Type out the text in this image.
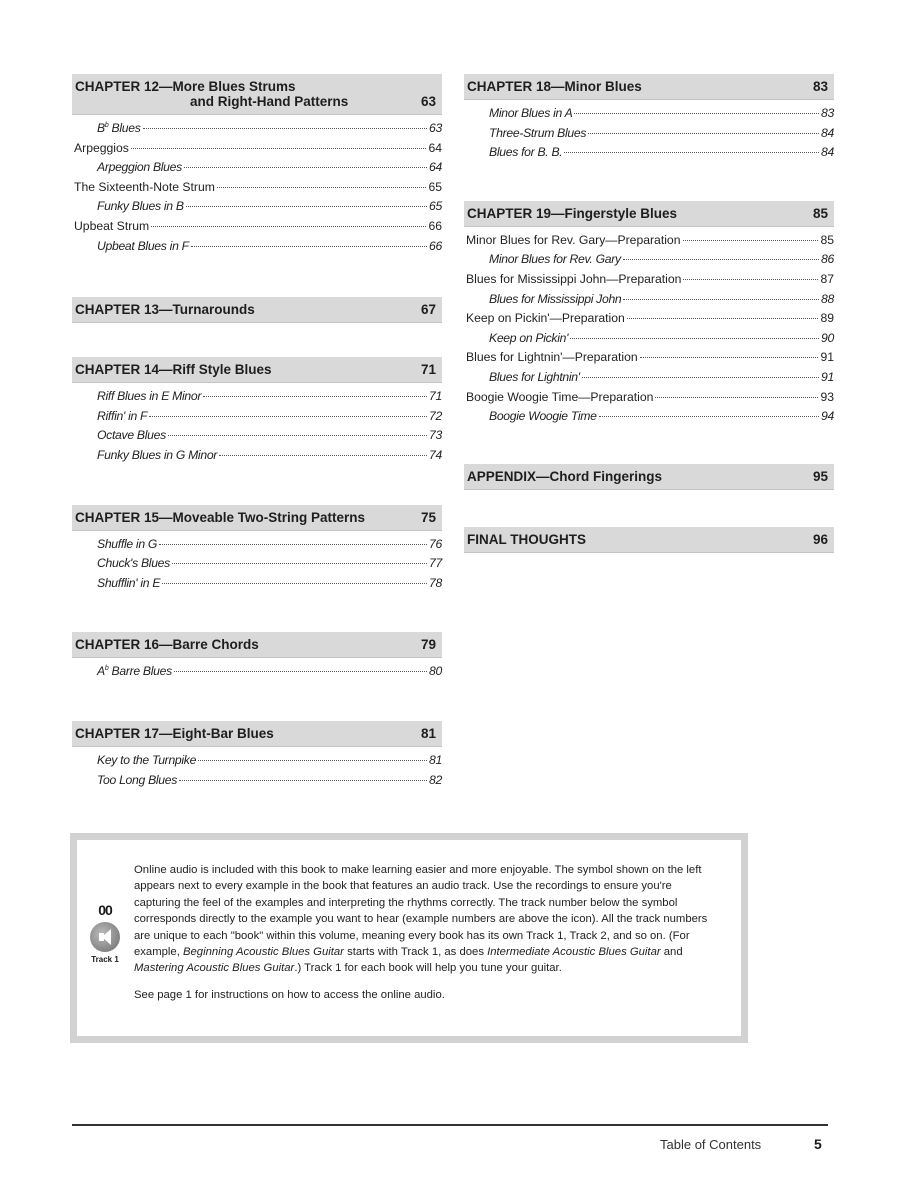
CHAPTER 12—More Blues Strums
and Right-Hand Patterns	63
$B^b$ Blues	63
Arpeggios	64
Arpeggion Blues	64
The Sixteenth-Note Strum	65
Funky Blues in B	65
Upbeat Strum	66
Upbeat Blues in F	66
CHAPTER 13—Turnarounds	67
CHAPTER 14—Riff Style Blues	71
Riff Blues in E Minor	71
Riffin' in F	72
Octave Blues	73
Funky Blues in G Minor	74
CHAPTER 15—Moveable Two-String Patterns	75
Shuffle in G	76
Chuck's Blues	77
Shufflin' in E	78
CHAPTER 16—Barre Chords	79
$A^b$ Barre Blues	80
CHAPTER 17—Eight-Bar Blues	81
Key to the Turnpike	81
Too Long Blues	82
CHAPTER 18—Minor Blues	83
Minor Blues in A	83
Three-Strum Blues	84
Blues for B. B.	84
CHAPTER 19—Fingerstyle Blues	85
Minor Blues for Rev. Gary—Preparation	85
Minor Blues for Rev. Gary	86
Blues for Mississippi John—Preparation	87
Blues for Mississippi John	88
Keep on Pickin'—Preparation	89
Keep on Pickin'	90
Blues for Lightnin'—Preparation	91
Blues for Lightnin'	91
Boogie Woogie Time—Preparation	93
Boogie Woogie Time	94
APPENDIX—Chord Fingerings	95
FINAL THOUGHTS	96
00
Track 1

Online audio is included with this book to make learning easier and more enjoyable. The symbol shown on the left appears next to every example in the book that features an audio track. Use the recordings to ensure you're capturing the feel of the examples and interpreting the rhythms correctly. The track number below the symbol corresponds directly to the example you want to hear (example numbers are above the icon). All the track numbers are unique to each "book" within this volume, meaning every book has its own Track 1, Track 2, and so on. (For example, Beginning Acoustic Blues Guitar starts with Track 1, as does Intermediate Acoustic Blues Guitar and Mastering Acoustic Blues Guitar.) Track 1 for each book will help you tune your guitar.

See page 1 for instructions on how to access the online audio.

Table of Contents	5
